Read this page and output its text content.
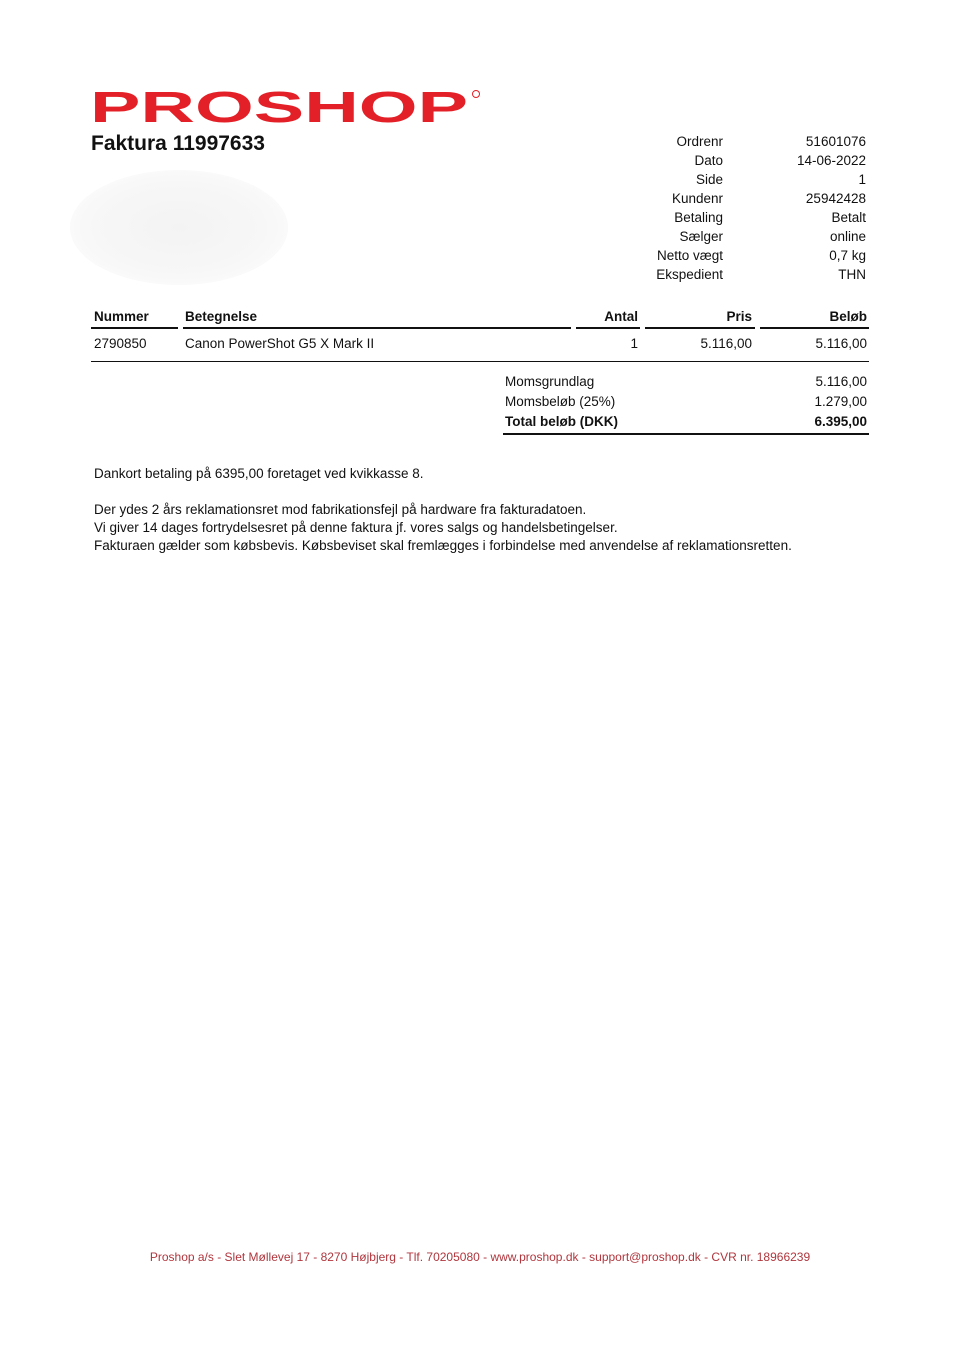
PROSHOP
Faktura 11997633	Ordrenr	51601076
Dato	14-06-2022
Side	1
Kundenr	25942428
Betaling	Betalt
Sælger	online
Netto vægt	0,7 kg
Ekspedient	THN
Nummer	Betegnelse	Antal	Pris	Beløb
2790850	Canon PowerShot G5 X Mark II	1	5.116,00	5.116,00
Momsgrundlag	5.116,00
Momsbeløb (25%)	1.279,00
Total beløb (DKK)	6.395,00
Dankort betaling på 6395,00 foretaget ved kvikkasse 8.
Der ydes 2 års reklamationsret mod fabrikationsfejl på hardware fra fakturadatoen.
Vi giver 14 dages fortrydelsesret på denne faktura jf. vores salgs og handelsbetingelser.
Fakturaen gælder som købsbevis. Købsbeviset skal fremlægges i forbindelse med anvendelse af reklamationsretten.
Proshop a/s - Slet Møllevej 17 - 8270 Højbjerg - Tlf. 70205080 - www.proshop.dk - support@proshop.dk - CVR nr. 18966239
